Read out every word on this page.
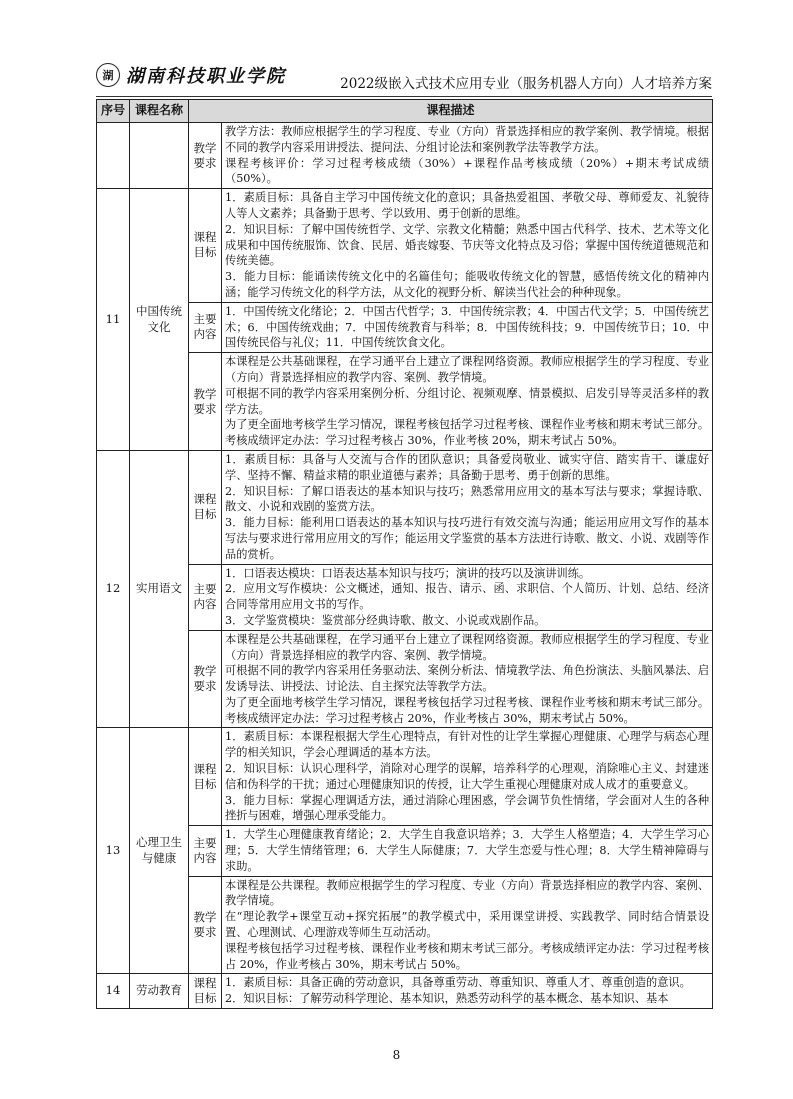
湖 湖南科技职业学院	2022级嵌入式技术应用专业（服务机器人方向）人才培养方案
序号	课程名称	课程描述	
		教学要求	教学方法：教师应根据学生的学习程度、专业（方向）背景选择相应的教学案例、教学情境。根据不同的教学内容采用讲授法、提问法、分组讨论法和案例教学法等教学方法。
课程考核评价：学习过程考核成绩（30%）+课程作品考核成绩（20%）+期末考试成绩（50%）。

11	中国传统文化	课程目标	1．素质目标：具备自主学习中国传统文化的意识；具备热爱祖国、孝敬父母、尊师爱友、礼貌待人等人文素养；具备勤于思考、学以致用、勇于创新的思维。
2．知识目标：了解中国传统哲学、文学、宗教文化精髓；熟悉中国古代科学、技术、艺术等文化成果和中国传统服饰、饮食、民居、婚丧嫁娶、节庆等文化特点及习俗；掌握中国传统道德规范和传统美德。
3．能力目标：能诵读传统文化中的名篇佳句；能吸收传统文化的智慧，感悟传统文化的精神内涵；能学习传统文化的科学方法，从文化的视野分析、解读当代社会的种种现象。

		主要内容	1．中国传统文化绪论；2．中国古代哲学；3．中国传统宗教；4．中国古代文学；5．中国传统艺术；6．中国传统戏曲；7．中国传统教育与科举；8．中国传统科技；9．中国传统节日；10．中国传统民俗与礼仪；11．中国传统饮食文化。

		教学要求	本课程是公共基础课程，在学习通平台上建立了课程网络资源。教师应根据学生的学习程度、专业（方向）背景选择相应的教学内容、案例、教学情境。
可根据不同的教学内容采用案例分析、分组讨论、视频观摩、情景模拟、启发引导等灵活多样的教学方法。
为了更全面地考核学生学习情况，课程考核包括学习过程考核、课程作业考核和期末考试三部分。考核成绩评定办法：学习过程考核占 30%，作业考核 20%，期末考试占 50%。

12	实用语文	课程目标	1．素质目标：具备与人交流与合作的团队意识；具备爱岗敬业、诚实守信、踏实肯干、谦虚好学、坚持不懈、精益求精的职业道德与素养；具备勤于思考、勇于创新的思维。
2．知识目标：了解口语表达的基本知识与技巧；熟悉常用应用文的基本写法与要求；掌握诗歌、散文、小说和戏剧的鉴赏方法。
3．能力目标：能利用口语表达的基本知识与技巧进行有效交流与沟通；能运用应用文写作的基本写法与要求进行常用应用文的写作；能运用文学鉴赏的基本方法进行诗歌、散文、小说、戏剧等作品的赏析。

		主要内容	1．口语表达模块：口语表达基本知识与技巧；演讲的技巧以及演讲训练。
2．应用文写作模块：公文概述，通知、报告、请示、函、求职信、个人简历、计划、总结、经济合同等常用应用文书的写作。
3．文学鉴赏模块：鉴赏部分经典诗歌、散文、小说或戏剧作品。

		教学要求	本课程是公共基础课程，在学习通平台上建立了课程网络资源。教师应根据学生的学习程度、专业（方向）背景选择相应的教学内容、案例、教学情境。
可根据不同的教学内容采用任务驱动法、案例分析法、情境教学法、角色扮演法、头脑风暴法、启发诱导法、讲授法、讨论法、自主探究法等教学方法。
为了更全面地考核学生学习情况，课程考核包括学习过程考核、课程作业考核和期末考试三部分。考核成绩评定办法：学习过程考核占 20%，作业考核占 30%，期末考试占 50%。

13	心理卫生与健康	课程目标	1．素质目标：本课程根据大学生心理特点，有针对性的让学生掌握心理健康、心理学与病态心理学的相关知识，学会心理调适的基本方法。
2．知识目标：认识心理科学，消除对心理学的误解，培养科学的心理观，消除唯心主义、封建迷信和伪科学的干扰；通过心理健康知识的传授，让大学生重视心理健康对成人成才的重要意义。
3．能力目标：掌握心理调适方法，通过消除心理困惑，学会调节负性情绪，学会面对人生的各种挫折与困难，增强心理承受能力。

		主要内容	1．大学生心理健康教育绪论；2．大学生自我意识培养；3．大学生人格塑造；4．大学生学习心理；5．大学生情绪管理；6．大学生人际健康；7．大学生恋爱与性心理；8．大学生精神障碍与求助。

		教学要求	本课程是公共课程。教师应根据学生的学习程度、专业（方向）背景选择相应的教学内容、案例、教学情境。
在“理论教学+课堂互动+探究拓展”的教学模式中，采用课堂讲授、实践教学、同时结合情景设置、心理测试、心理游戏等师生互动活动。
课程考核包括学习过程考核、课程作业考核和期末考试三部分。考核成绩评定办法：学习过程考核占 20%，作业考核占 30%，期末考试占 50%。

14	劳动教育	课程目标	1．素质目标：具备正确的劳动意识，具备尊重劳动、尊重知识、尊重人才、尊重创造的意识。
2．知识目标：了解劳动科学理论、基本知识，熟悉劳动科学的基本概念、基本知识、基本
8
